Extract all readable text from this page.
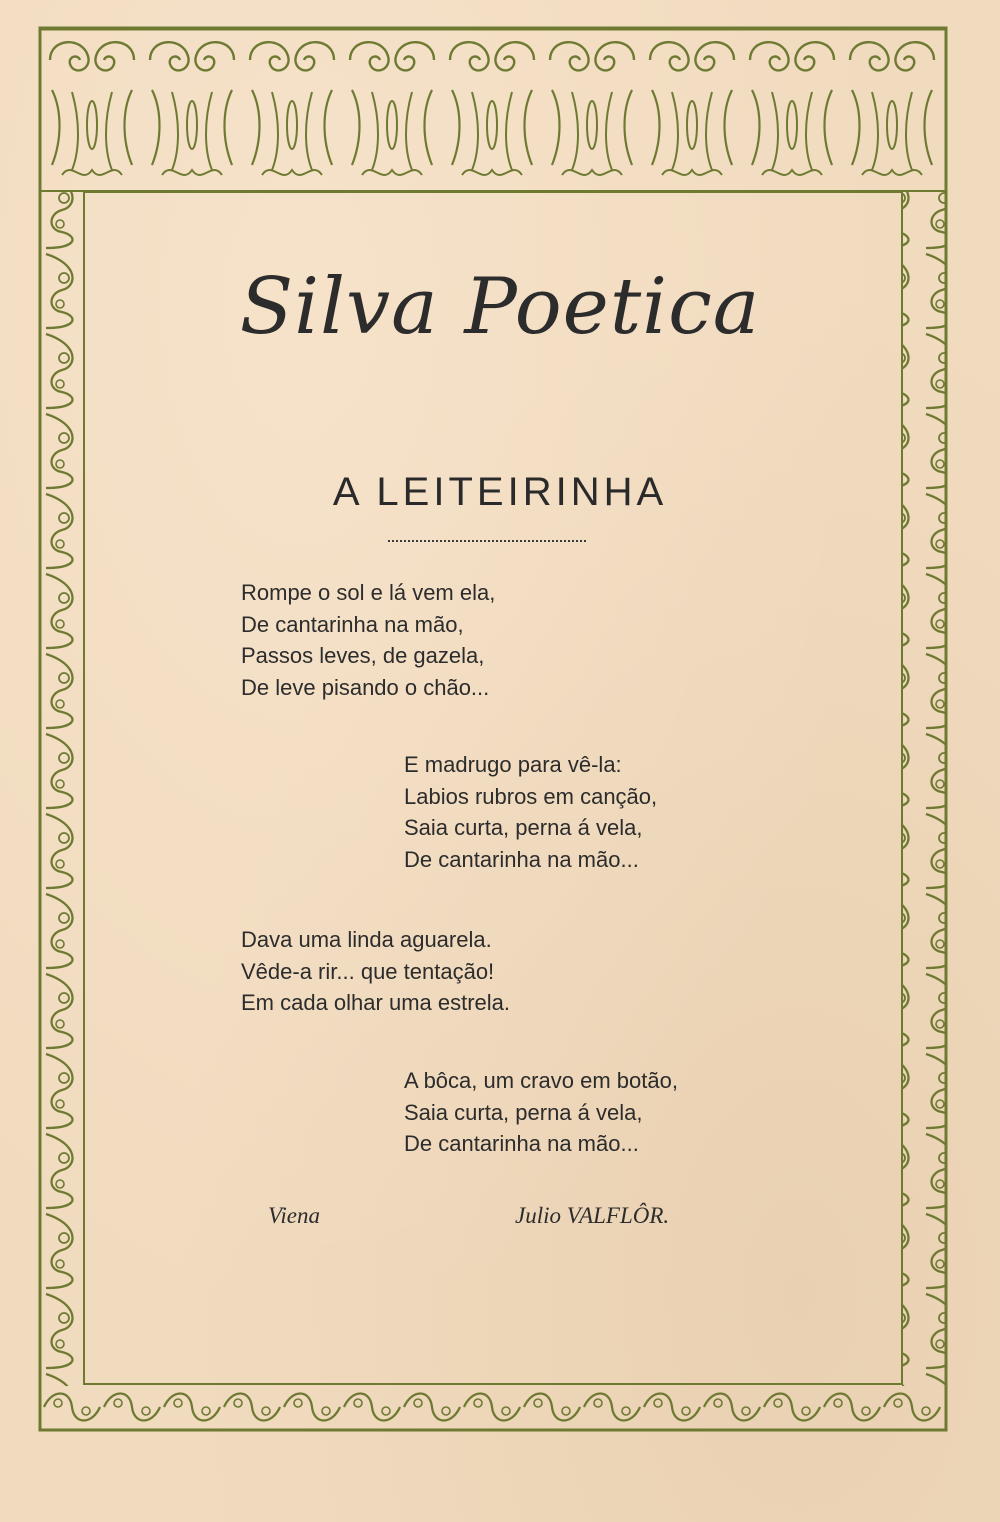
Silva Poetica
A LEITEIRINHA
Rompe o sol e lá vem ela,
De cantarinha na mão,
Passos leves, de gazela,
De leve pisando o chão...
E madrugo para vê-la:
Labios rubros em canção,
Saia curta, perna á vela,
De cantarinha na mão...
Dava uma linda aguarela.
Vêde-a rir... que tentação!
Em cada olhar uma estrela.
A bôca, um cravo em botão,
Saia curta, perna á vela,
De cantarinha na mão...
Viena	Julio VALFLÔR.
